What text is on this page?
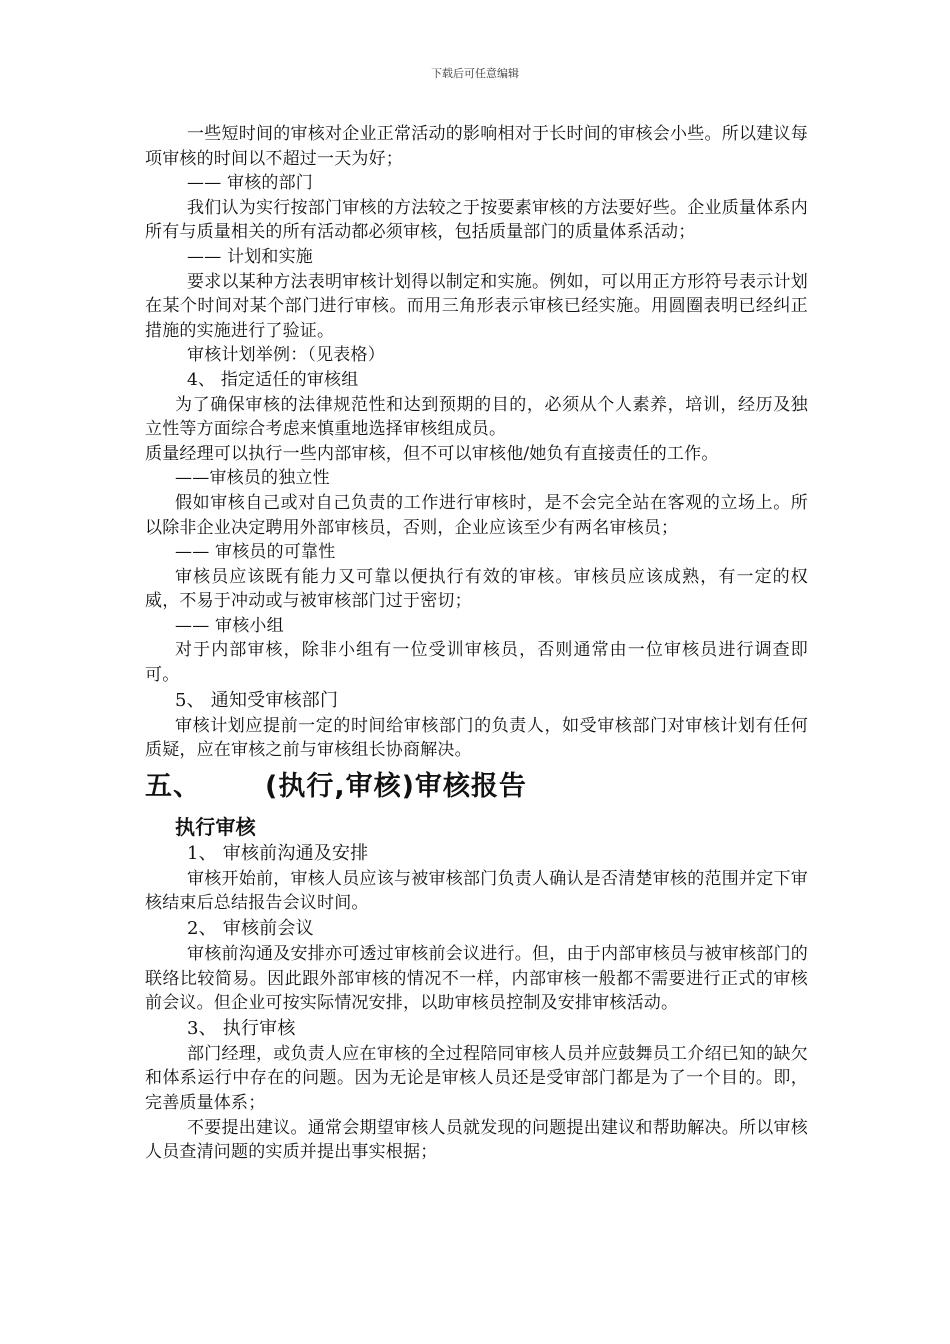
下载后可任意编辑

一些短时间的审核对企业正常活动的影响相对于长时间的审核会小些。所以建议每项审核的时间以不超过一天为好；

—— 审核的部门

我们认为实行按部门审核的方法较之于按要素审核的方法要好些。企业质量体系内所有与质量相关的所有活动都必须审核，包括质量部门的质量体系活动；

—— 计划和实施

要求以某种方法表明审核计划得以制定和实施。例如，可以用正方形符号表示计划在某个时间对某个部门进行审核。而用三角形表示审核已经实施。用圆圈表明已经纠正措施的实施进行了验证。

审核计划举例：（见表格）

4、 指定适任的审核组

为了确保审核的法律规范性和达到预期的目的，必须从个人素养，培训，经历及独立性等方面综合考虑来慎重地选择审核组成员。

质量经理可以执行一些内部审核，但不可以审核他/她负有直接责任的工作。

——审核员的独立性

假如审核自己或对自己负责的工作进行审核时，是不会完全站在客观的立场上。所以除非企业决定聘用外部审核员，否则，企业应该至少有两名审核员；

—— 审核员的可靠性

审核员应该既有能力又可靠以便执行有效的审核。审核员应该成熟，有一定的权威，不易于冲动或与被审核部门过于密切；

—— 审核小组

对于内部审核，除非小组有一位受训审核员，否则通常由一位审核员进行调查即可。

5、 通知受审核部门

审核计划应提前一定的时间给审核部门的负责人，如受审核部门对审核计划有任何质疑，应在审核之前与审核组长协商解决。

五、 (执行,审核)审核报告

执行审核

1、 审核前沟通及安排

审核开始前，审核人员应该与被审核部门负责人确认是否清楚审核的范围并定下审核结束后总结报告会议时间。

2、 审核前会议

审核前沟通及安排亦可透过审核前会议进行。但，由于内部审核员与被审核部门的联络比较简易。因此跟外部审核的情况不一样，内部审核一般都不需要进行正式的审核前会议。但企业可按实际情况安排，以助审核员控制及安排审核活动。

3、 执行审核

部门经理，或负责人应在审核的全过程陪同审核人员并应鼓舞员工介绍已知的缺欠和体系运行中存在的问题。因为无论是审核人员还是受审部门都是为了一个目的。即，完善质量体系；

不要提出建议。通常会期望审核人员就发现的问题提出建议和帮助解决。所以审核人员查清问题的实质并提出事实根据；
